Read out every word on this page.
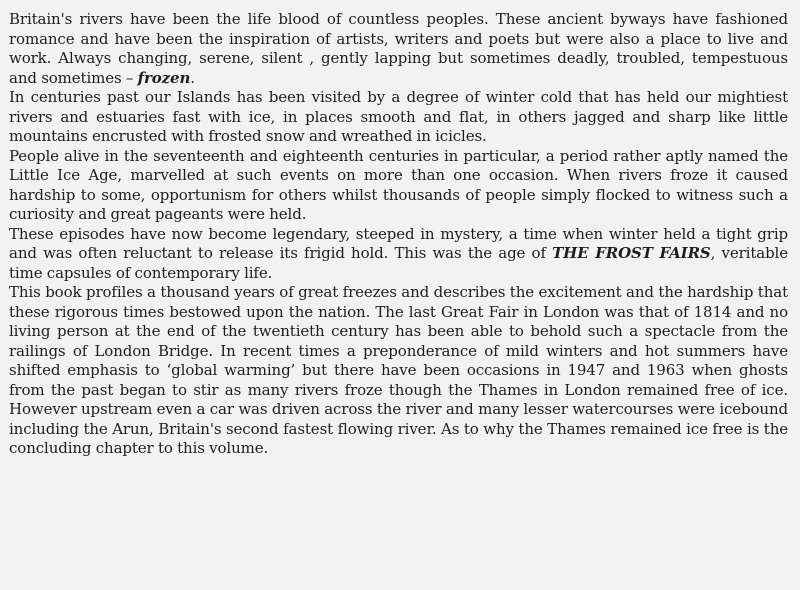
Britain's rivers have been the life blood of countless peoples. These ancient byways have fashioned romance and have been the inspiration of artists, writers and poets but were also a place to live and work. Always changing, serene, silent , gently lapping but sometimes deadly, troubled, tempestuous and sometimes – frozen.

In centuries past our Islands has been visited by a degree of winter cold that has held our mightiest rivers and estuaries fast with ice, in places smooth and flat, in others jagged and sharp like little mountains encrusted with frosted snow and wreathed in icicles.

People alive in the seventeenth and eighteenth centuries in particular, a period rather aptly named the Little Ice Age, marvelled at such events on more than one occasion. When rivers froze it caused hardship to some, opportunism for others whilst thousands of people simply flocked to witness such a curiosity and great pageants were held.

These episodes have now become legendary, steeped in mystery, a time when winter held a tight grip and was often reluctant to release its frigid hold. This was the age of THE FROST FAIRS, veritable time capsules of contemporary life.

This book profiles a thousand years of great freezes and describes the excitement and the hardship that these rigorous times bestowed upon the nation. The last Great Fair in London was that of 1814 and no living person at the end of the twentieth century has been able to behold such a spectacle from the railings of London Bridge. In recent times a preponderance of mild winters and hot summers have shifted emphasis to ‘global warming’ but there have been occasions in 1947 and 1963 when ghosts from the past began to stir as many rivers froze though the Thames in London remained free of ice. However upstream even a car was driven across the river and many lesser watercourses were icebound including the Arun, Britain's second fastest flowing river. As to why the Thames remained ice free is the concluding chapter to this volume.
